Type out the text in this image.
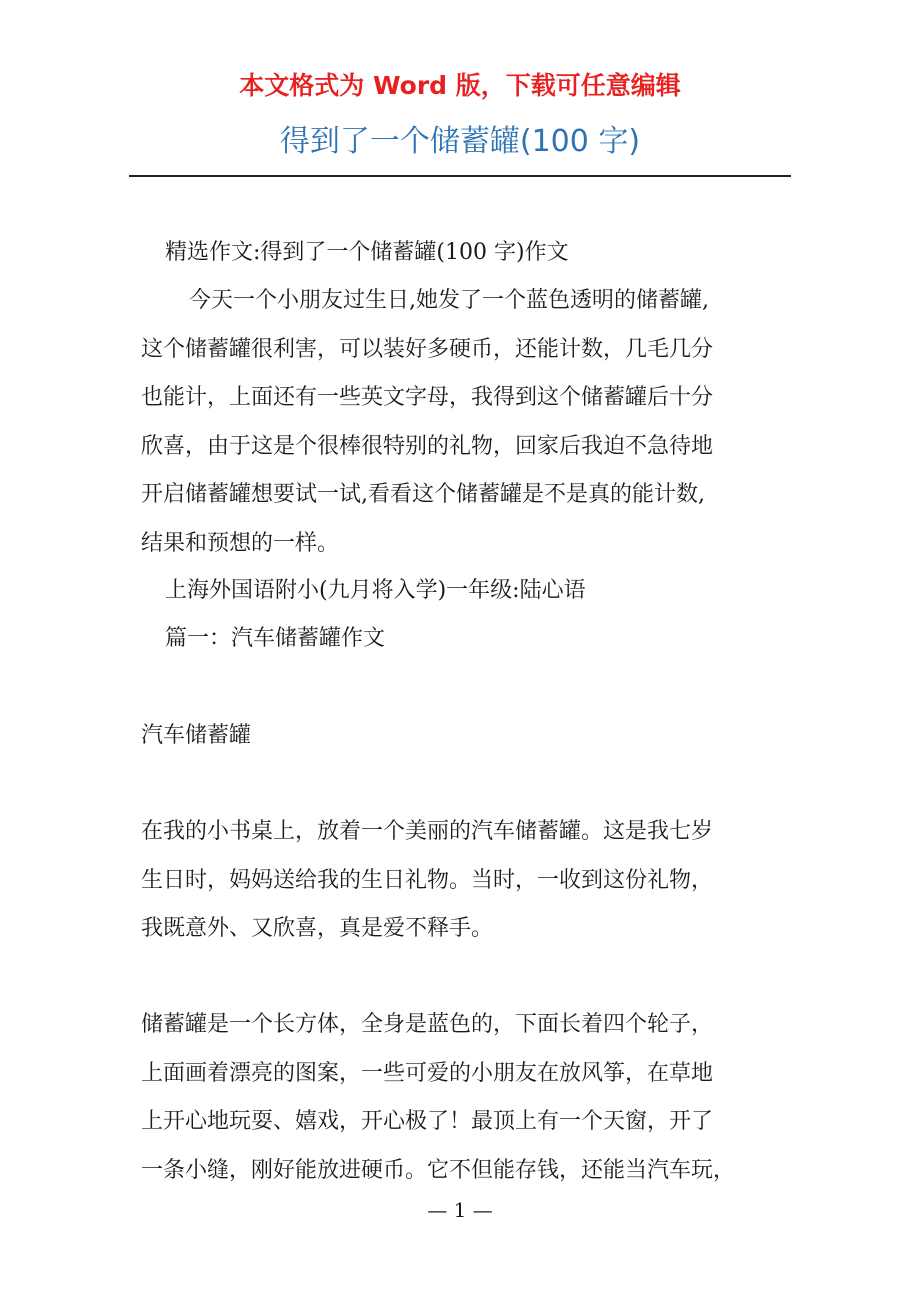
本文格式为 Word 版，下载可任意编辑
得到了一个储蓄罐(100 字)
精选作文:得到了一个储蓄罐(100 字)作文
今天一个小朋友过生日,她发了一个蓝色透明的储蓄罐,
这个储蓄罐很利害，可以装好多硬币，还能计数，几毛几分
也能计，上面还有一些英文字母，我得到这个储蓄罐后十分
欣喜，由于这是个很棒很特别的礼物，回家后我迫不急待地
开启储蓄罐想要试一试,看看这个储蓄罐是不是真的能计数,
结果和预想的一样。
上海外国语附小(九月将入学)一年级:陆心语
篇一：汽车储蓄罐作文
汽车储蓄罐
在我的小书桌上，放着一个美丽的汽车储蓄罐。这是我七岁
生日时，妈妈送给我的生日礼物。当时，一收到这份礼物，
我既意外、又欣喜，真是爱不释手。
储蓄罐是一个长方体，全身是蓝色的，下面长着四个轮子，
上面画着漂亮的图案，一些可爱的小朋友在放风筝，在草地
上开心地玩耍、嬉戏，开心极了！最顶上有一个天窗，开了
一条小缝，刚好能放进硬币。它不但能存钱，还能当汽车玩，
— 1 —
